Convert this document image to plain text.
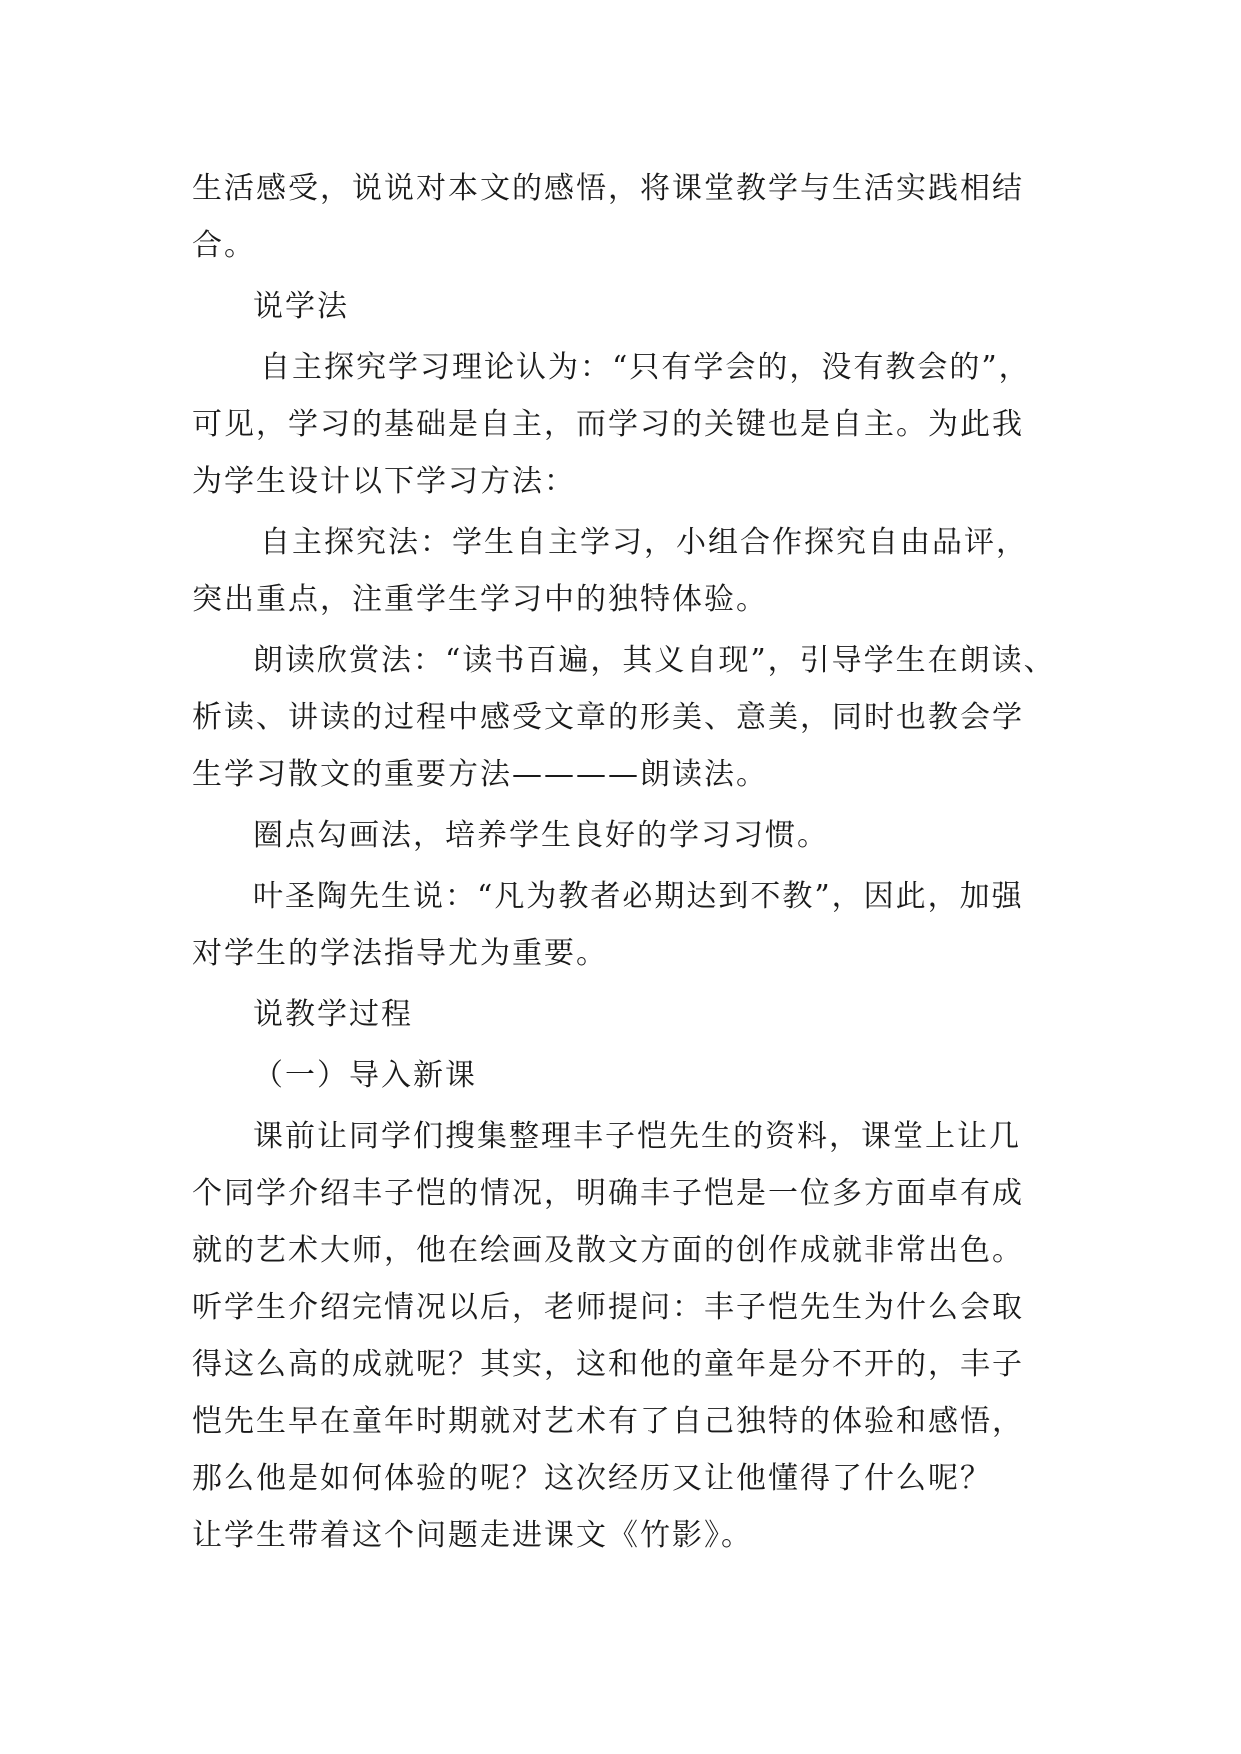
生活感受，说说对本文的感悟，将课堂教学与生活实践相结
合。
说学法
自主探究学习理论认为：“只有学会的，没有教会的”，
可见，学习的基础是自主，而学习的关键也是自主。为此我
为学生设计以下学习方法：
自主探究法：学生自主学习，小组合作探究自由品评，
突出重点，注重学生学习中的独特体验。
朗读欣赏法：“读书百遍，其义自现”，引导学生在朗读、
析读、讲读的过程中感受文章的形美、意美，同时也教会学
生学习散文的重要方法————朗读法。
圈点勾画法，培养学生良好的学习习惯。
叶圣陶先生说：“凡为教者必期达到不教”，因此，加强
对学生的学法指导尤为重要。
说教学过程
（一）导入新课
课前让同学们搜集整理丰子恺先生的资料，课堂上让几
个同学介绍丰子恺的情况，明确丰子恺是一位多方面卓有成
就的艺术大师，他在绘画及散文方面的创作成就非常出色。
听学生介绍完情况以后，老师提问：丰子恺先生为什么会取
得这么高的成就呢？其实，这和他的童年是分不开的，丰子
恺先生早在童年时期就对艺术有了自己独特的体验和感悟，
那么他是如何体验的呢？这次经历又让他懂得了什么呢？
让学生带着这个问题走进课文《竹影》。
